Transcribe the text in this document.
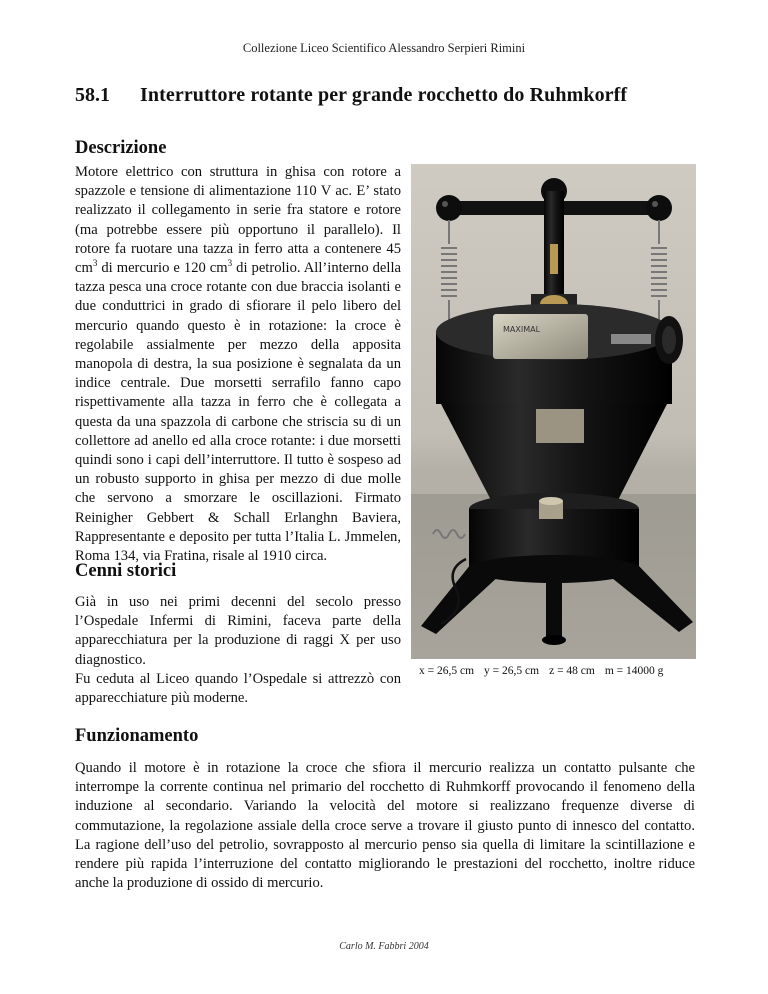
Collezione Liceo Scientifico Alessandro Serpieri Rimini
58.1 Interruttore rotante per grande rocchetto do Ruhmkorff
Descrizione

Motore elettrico con struttura in ghisa con rotore a spazzole e tensione di alimentazione 110 V ac. E’ stato realizzato il collegamento in serie fra statore e rotore (ma potrebbe essere più opportuno il parallelo). Il rotore fa ruotare una tazza in ferro atta a contenere 45 $cm^3$ di mercurio e 120 $cm^3$ di petrolio. All’interno della tazza pesca una croce rotante con due braccia isolanti e due conduttrici in grado di sfiorare il pelo libero del mercurio quando questo è in rotazione: la croce è regolabile assialmente per mezzo della apposita manopola di destra, la sua posizione è segnalata da un indice centrale. Due morsetti serrafilo fanno capo rispettivamente alla tazza in ferro che è collegata a questa da una spazzola di carbone che striscia su di un collettore ad anello ed alla croce rotante: i due morsetti quindi sono i capi dell’interruttore. Il tutto è sospeso ad un robusto supporto in ghisa per mezzo di due molle che servono a smorzare le oscillazioni. Firmato Reinigher Gebbert & Schall Erlanghn Baviera, Rappresentante e deposito per tutta l’Italia L. Jmmelen, Roma 134, via Fratina, risale al 1910 circa.

MAXIMAL
x = 26,5 cm y = 26,5 cm z = 48 cm m = 14000 g
Cenni storici

Già in uso nei primi decenni del secolo presso l’Ospedale Infermi di Rimini, faceva parte della apparecchiatura per la produzione di raggi X per uso diagnostico.

Fu ceduta al Liceo quando l’Ospedale si attrezzò con apparecchiature più moderne.

Funzionamento
Quando il motore è in rotazione la croce che sfiora il mercurio realizza un contatto pulsante che interrompe la corrente continua nel primario del rocchetto di Ruhmkorff provocando il fenomeno della induzione al secondario. Variando la velocità del motore si realizzano frequenze diverse di commutazione, la regolazione assiale della croce serve a trovare il giusto punto di innesco del contatto. La ragione dell’uso del petrolio, sovrapposto al mercurio penso sia quella di limitare la scintillazione e rendere più rapida l’interruzione del contatto migliorando le prestazioni del rocchetto, inoltre riduce anche la produzione di ossido di mercurio.
Carlo M. Fabbri 2004
